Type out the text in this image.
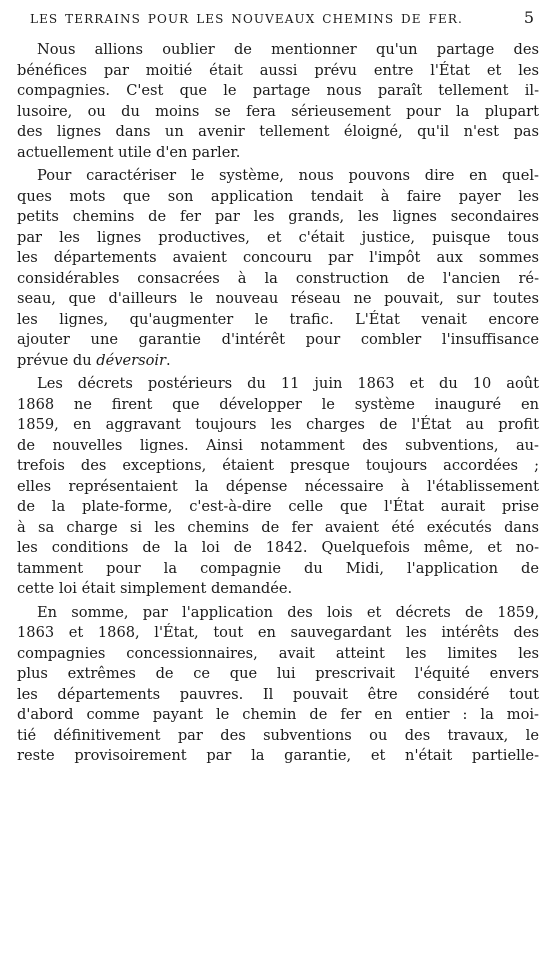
LES TERRAINS POUR LES NOUVEAUX CHEMINS DE FER.	5
Nous allions oublier de mentionner qu'un partage des
bénéfices par moitié était aussi prévu entre l'État et les
compagnies. C'est que le partage nous paraît tellement il-
lusoire, ou du moins se fera sérieusement pour la plupart
des lignes dans un avenir tellement éloigné, qu'il n'est pas
actuellement utile d'en parler.
Pour caractériser le système, nous pouvons dire en quel-
ques mots que son application tendait à faire payer les
petits chemins de fer par les grands, les lignes secondaires
par les lignes productives, et c'était justice, puisque tous
les départements avaient concouru par l'impôt aux sommes
considérables consacrées à la construction de l'ancien ré-
seau, que d'ailleurs le nouveau réseau ne pouvait, sur toutes
les lignes, qu'augmenter le trafic. L'État venait encore
ajouter une garantie d'intérêt pour combler l'insuffisance
prévue du déversoir.
Les décrets postérieurs du 11 juin 1863 et du 10 août
1868 ne firent que développer le système inauguré en
1859, en aggravant toujours les charges de l'État au profit
de nouvelles lignes. Ainsi notamment des subventions, au-
trefois des exceptions, étaient presque toujours accordées ;
elles représentaient la dépense nécessaire à l'établissement
de la plate-forme, c'est-à-dire celle que l'État aurait prise
à sa charge si les chemins de fer avaient été exécutés dans
les conditions de la loi de 1842. Quelquefois même, et no-
tamment pour la compagnie du Midi, l'application de
cette loi était simplement demandée.
En somme, par l'application des lois et décrets de 1859,
1863 et 1868, l'État, tout en sauvegardant les intérêts des
compagnies concessionnaires, avait atteint les limites les
plus extrêmes de ce que lui prescrivait l'équité envers
les départements pauvres. Il pouvait être considéré tout
d'abord comme payant le chemin de fer en entier : la moi-
tié définitivement par des subventions ou des travaux, le
reste provisoirement par la garantie, et n'était partielle-
